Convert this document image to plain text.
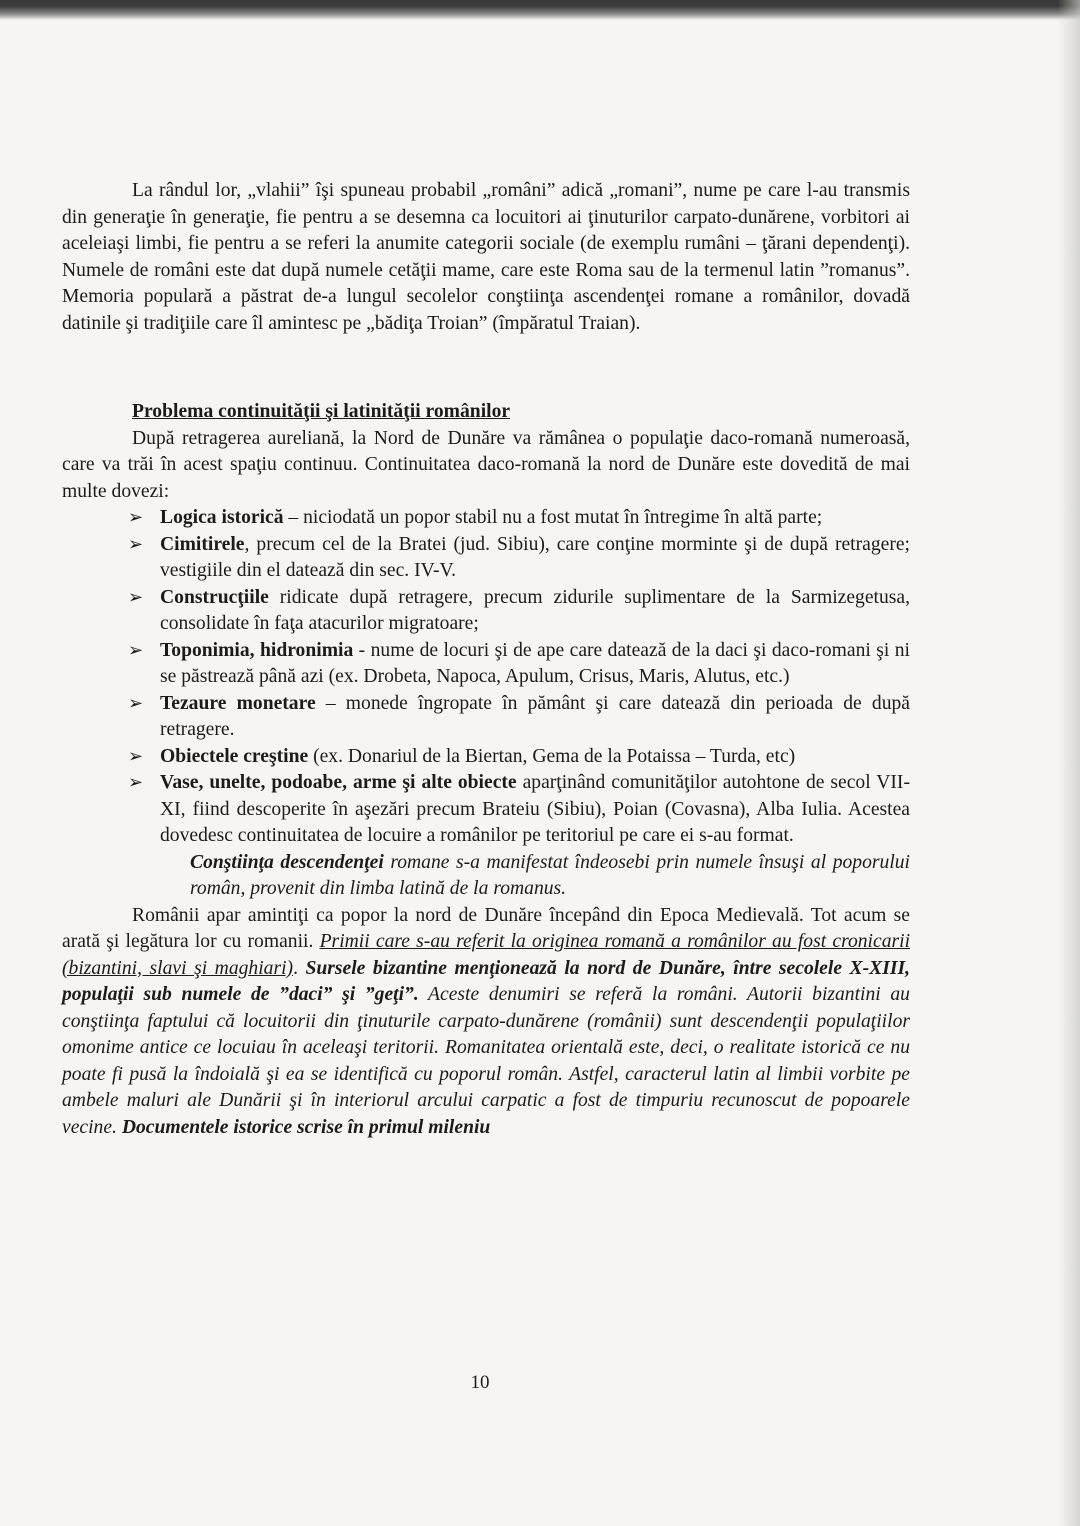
La rândul lor, „vlahii” îşi spuneau probabil „români” adică „romani”, nume pe care l-au transmis din generaţie în generaţie, fie pentru a se desemna ca locuitori ai ţinuturilor carpato-dunărene, vorbitori ai aceleiaşi limbi, fie pentru a se referi la anumite categorii sociale (de exemplu rumâni – ţărani dependenţi). Numele de români este dat după numele cetăţii mame, care este Roma sau de la termenul latin ”romanus”. Memoria populară a păstrat de-a lungul secolelor conştiinţa ascendenţei romane a românilor, dovadă datinile şi tradiţiile care îl amintesc pe „bădiţa Troian” (împăratul Traian).

Problema continuităţii şi latinităţii românilor

După retragerea aureliană, la Nord de Dunăre va rămânea o populaţie daco-romană numeroasă, care va trăi în acest spaţiu continuu. Continuitatea daco-romană la nord de Dunăre este dovedită de mai multe dovezi:

➢ Logica istorică – niciodată un popor stabil nu a fost mutat în întregime în altă parte;
➢ Cimitirele, precum cel de la Bratei (jud. Sibiu), care conţine morminte şi de după retragere; vestigiile din el datează din sec. IV-V.
➢ Construcţiile ridicate după retragere, precum zidurile suplimentare de la Sarmizegetusa, consolidate în faţa atacurilor migratoare;
➢ Toponimia, hidronimia - nume de locuri şi de ape care datează de la daci şi daco-romani şi ni se păstrează până azi (ex. Drobeta, Napoca, Apulum, Crisus, Maris, Alutus, etc.)
➢ Tezaure monetare – monede îngropate în pământ şi care datează din perioada de după retragere.
➢ Obiectele creştine (ex. Donariul de la Biertan, Gema de la Potaissa – Turda, etc)
➢ Vase, unelte, podoabe, arme şi alte obiecte aparţinând comunităţilor autohtone de secol VII-XI, fiind descoperite în aşezări precum Brateiu (Sibiu), Poian (Covasna), Alba Iulia. Acestea dovedesc continuitatea de locuire a românilor pe teritoriul pe care ei s-au format.

Conştiinţa descendenţei romane s-a manifestat îndeosebi prin numele însuşi al poporului român, provenit din limba latină de la romanus.

Românii apar amintiţi ca popor la nord de Dunăre începând din Epoca Medievală. Tot acum se arată şi legătura lor cu romanii. Primii care s-au referit la originea romană a românilor au fost cronicarii (bizantini, slavi şi maghiari). Sursele bizantine menţionează la nord de Dunăre, între secolele X-XIII, populaţii sub numele de ”daci” şi ”geţi”. Aceste denumiri se referă la români. Autorii bizantini au conştiinţa faptului că locuitorii din ţinuturile carpato-dunărene (românii) sunt descendenţii populaţiilor omonime antice ce locuiau în aceleaşi teritorii. Romanitatea orientală este, deci, o realitate istorică ce nu poate fi pusă la îndoială şi ea se identifică cu poporul român. Astfel, caracterul latin al limbii vorbite pe ambele maluri ale Dunării şi în interiorul arcului carpatic a fost de timpuriu recunoscut de popoarele vecine. Documentele istorice scrise în primul mileniu

10
